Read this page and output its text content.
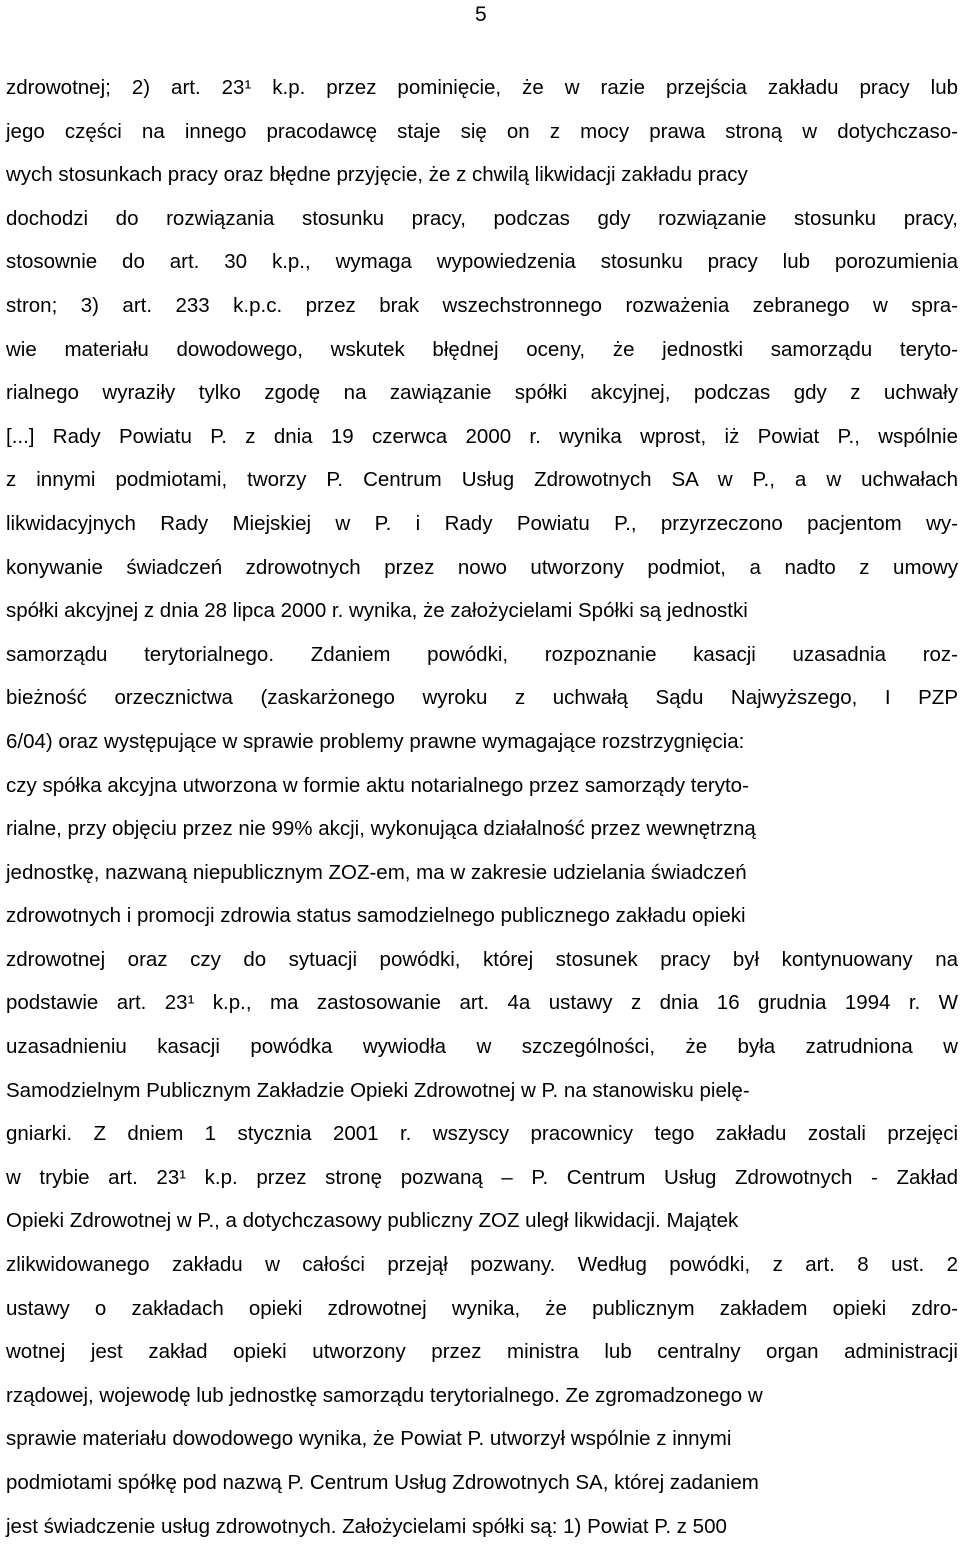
5
zdrowotnej; 2) art. 23¹ k.p. przez pominięcie, że w razie przejścia zakładu pracy lub
jego części na innego pracodawcę staje się on z mocy prawa stroną w dotychczaso-
wych stosunkach pracy oraz błędne przyjęcie, że z chwilą likwidacji zakładu pracy
dochodzi do rozwiązania stosunku pracy, podczas gdy rozwiązanie stosunku pracy,
stosownie do art. 30 k.p., wymaga wypowiedzenia stosunku pracy lub porozumienia
stron; 3) art. 233 k.p.c. przez brak wszechstronnego rozważenia zebranego w spra-
wie materiału dowodowego, wskutek błędnej oceny, że jednostki samorządu teryto-
rialnego wyraziły tylko zgodę na zawiązanie spółki akcyjnej, podczas gdy z uchwały
[...] Rady Powiatu P. z dnia 19 czerwca 2000 r. wynika wprost, iż Powiat P., wspólnie
z innymi podmiotami, tworzy P. Centrum Usług Zdrowotnych SA w P., a w uchwałach
likwidacyjnych Rady Miejskiej w P. i Rady Powiatu P., przyrzeczono pacjentom wy-
konywanie świadczeń zdrowotnych przez nowo utworzony podmiot, a nadto z umowy
spółki akcyjnej z dnia 28 lipca 2000 r. wynika, że założycielami Spółki są jednostki
samorządu terytorialnego. Zdaniem powódki, rozpoznanie kasacji uzasadnia roz-
bieżność orzecznictwa (zaskarżonego wyroku z uchwałą Sądu Najwyższego, I PZP
6/04) oraz występujące w sprawie problemy prawne wymagające rozstrzygnięcia:
czy spółka akcyjna utworzona w formie aktu notarialnego przez samorządy teryto-
rialne, przy objęciu przez nie 99% akcji, wykonująca działalność przez wewnętrzną
jednostkę, nazwaną niepublicznym ZOZ-em, ma w zakresie udzielania świadczeń
zdrowotnych i promocji zdrowia status samodzielnego publicznego zakładu opieki
zdrowotnej oraz czy do sytuacji powódki, której stosunek pracy był kontynuowany na
podstawie art. 23¹ k.p., ma zastosowanie art. 4a ustawy z dnia 16 grudnia 1994 r. W
uzasadnieniu kasacji powódka wywiodła w szczególności, że była zatrudniona w
Samodzielnym Publicznym Zakładzie Opieki Zdrowotnej w P. na stanowisku pielę-
gniarki. Z dniem 1 stycznia 2001 r. wszyscy pracownicy tego zakładu zostali przejęci
w trybie art. 23¹ k.p. przez stronę pozwaną – P. Centrum Usług Zdrowotnych - Zakład
Opieki Zdrowotnej w P., a dotychczasowy publiczny ZOZ uległ likwidacji. Majątek
zlikwidowanego zakładu w całości przejął pozwany. Według powódki, z art. 8 ust. 2
ustawy o zakładach opieki zdrowotnej wynika, że publicznym zakładem opieki zdro-
wotnej jest zakład opieki utworzony przez ministra lub centralny organ administracji
rządowej, wojewodę lub jednostkę samorządu terytorialnego. Ze zgromadzonego w
sprawie materiału dowodowego wynika, że Powiat P. utworzył wspólnie z innymi
podmiotami spółkę pod nazwą P. Centrum Usług Zdrowotnych SA, której zadaniem
jest świadczenie usług zdrowotnych. Założycielami spółki są: 1) Powiat P. z 500
